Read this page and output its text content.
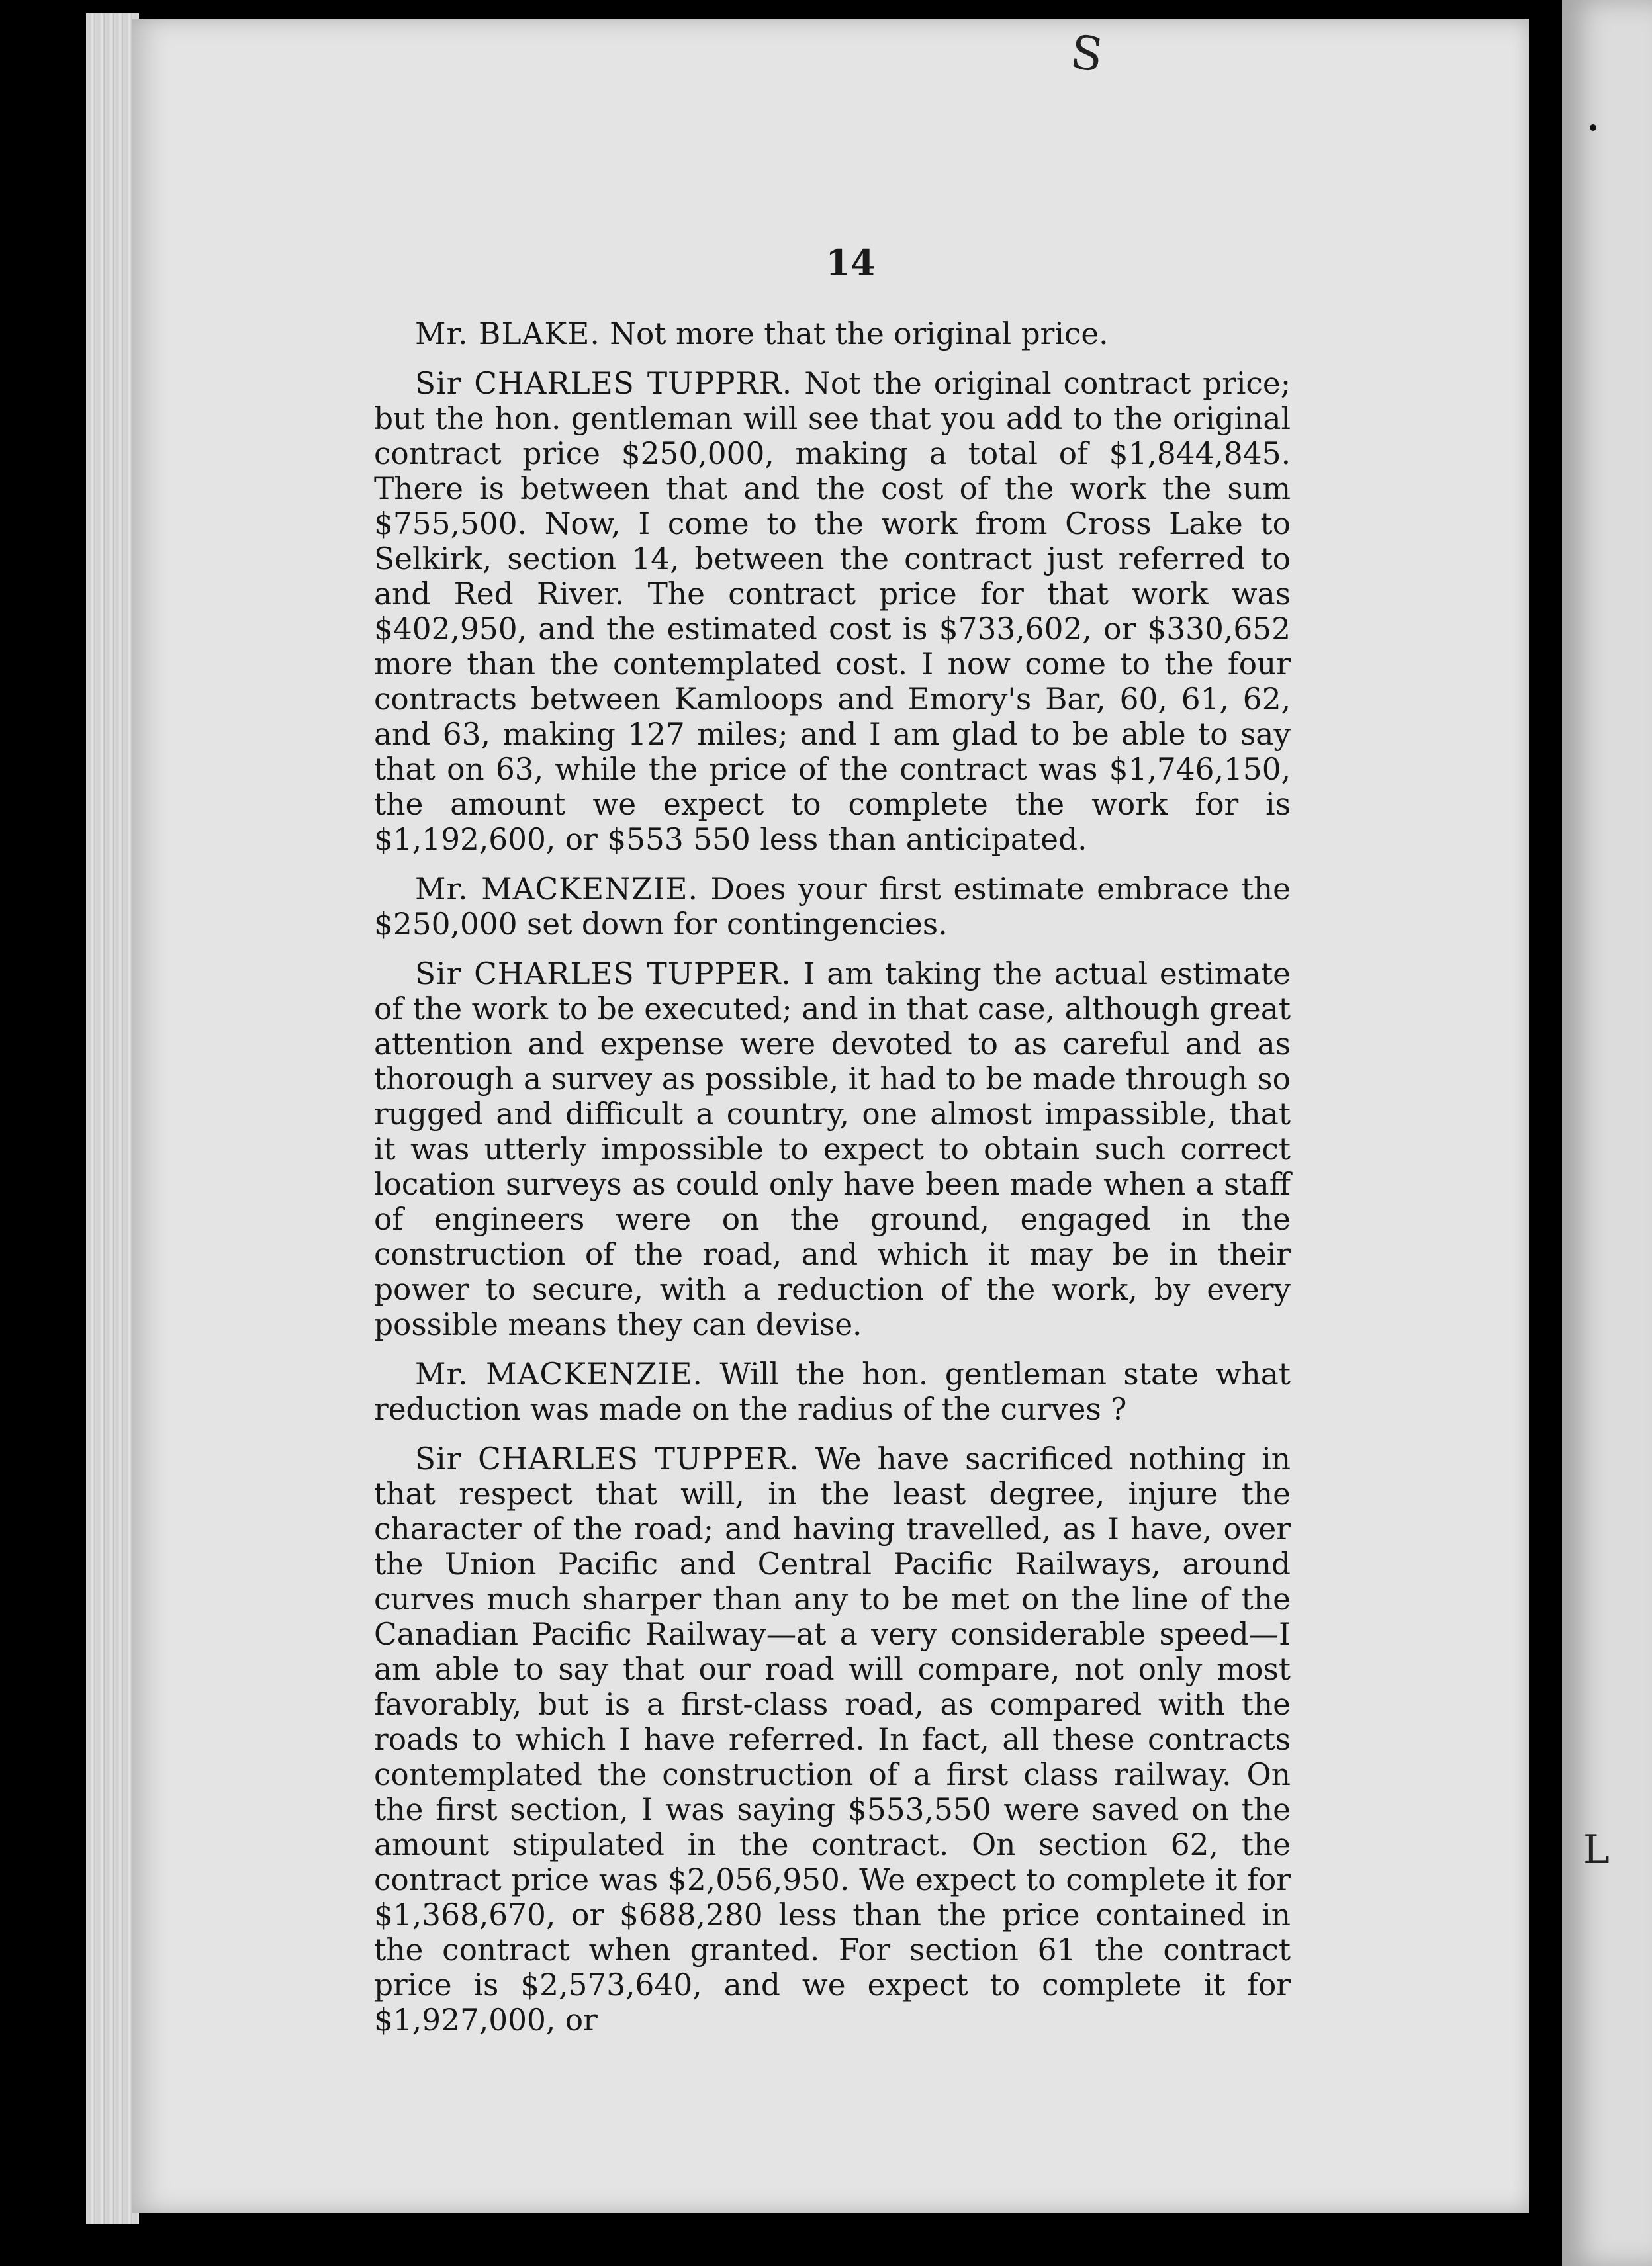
S
L
14

Mr. BLAKE. Not more that the original price.

Sir CHARLES TUPPRR. Not the original contract price; but the hon. gentleman will see that you add to the original contract price $250,000, making a total of $1,844,845. There is between that and the cost of the work the sum $755,500. Now, I come to the work from Cross Lake to Selkirk, section 14, between the contract just referred to and Red River. The contract price for that work was $402,950, and the estimated cost is $733,602, or $330,652 more than the contemplated cost. I now come to the four contracts between Kamloops and Emory's Bar, 60, 61, 62, and 63, making 127 miles; and I am glad to be able to say that on 63, while the price of the contract was $1,746,150, the amount we expect to complete the work for is $1,192,600, or $553 550 less than anticipated.

Mr. MACKENZIE. Does your first estimate embrace the $250,000 set down for contingencies.

Sir CHARLES TUPPER. I am taking the actual estimate of the work to be executed; and in that case, although great attention and expense were devoted to as careful and as thorough a survey as possible, it had to be made through so rugged and difficult a country, one almost impassible, that it was utterly impossible to expect to obtain such correct location surveys as could only have been made when a staff of engineers were on the ground, engaged in the construction of the road, and which it may be in their power to secure, with a reduction of the work, by every possible means they can devise.

Mr. MACKENZIE. Will the hon. gentleman state what reduction was made on the radius of the curves ?

Sir CHARLES TUPPER. We have sacrificed nothing in that respect that will, in the least degree, injure the character of the road; and having travelled, as I have, over the Union Pacific and Central Pacific Railways, around curves much sharper than any to be met on the line of the Canadian Pacific Railway—at a very considerable speed—I am able to say that our road will compare, not only most favorably, but is a first-class road, as compared with the roads to which I have referred. In fact, all these contracts contemplated the construction of a first class railway. On the first section, I was saying $553,550 were saved on the amount stipulated in the contract. On section 62, the contract price was $2,056,950. We expect to complete it for $1,368,670, or $688,280 less than the price contained in the contract when granted. For section 61 the contract price is $2,573,640, and we expect to complete it for $1,927,000, or
